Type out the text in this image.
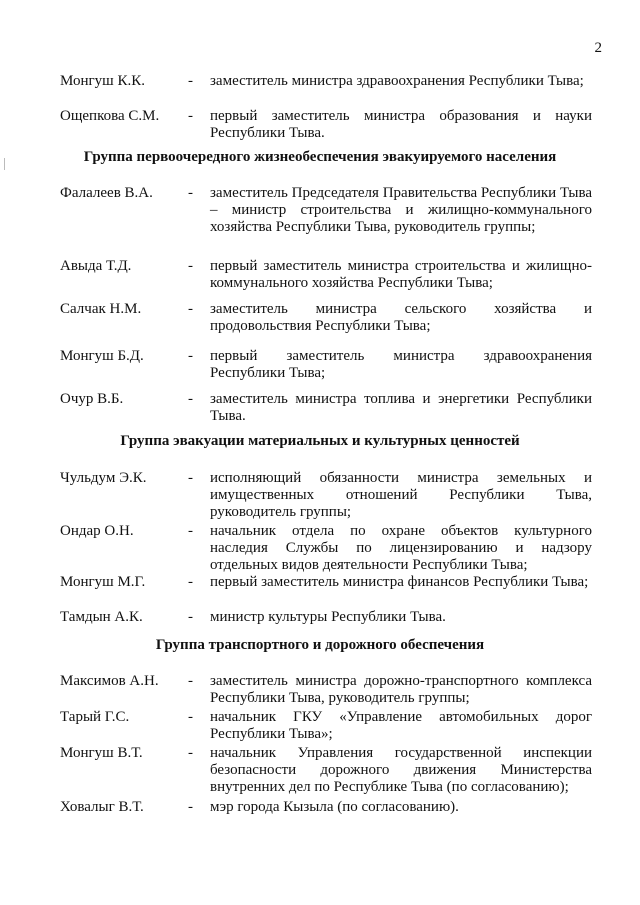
2
Монгуш К.К.	-	заместитель министра здравоохранения Республики Тыва;
Ощепкова С.М.	-	первый заместитель министра образования и науки Республики Тыва.
Группа первоочередного жизнеобеспечения эвакуируемого населения
Фалалеев В.А.	-	заместитель Председателя Правительства Республики Тыва – министр строительства и жилищно-коммунального хозяйства Республики Тыва, руководитель группы;
Авыда Т.Д.	-	первый заместитель министра строительства и жилищно-коммунального хозяйства Республики Тыва;
Салчак Н.М.	-	заместитель министра сельского хозяйства и продовольствия Республики Тыва;
Монгуш Б.Д.	-	первый заместитель министра здравоохранения Республики Тыва;
Очур В.Б.	-	заместитель министра топлива и энергетики Республики Тыва.
Группа эвакуации материальных и культурных ценностей
Чульдум Э.К.	-	исполняющий обязанности министра земельных и имущественных отношений Республики Тыва, руководитель группы;
Ондар О.Н.	-	начальник отдела по охране объектов культурного наследия Службы по лицензированию и надзору отдельных видов деятельности Республики Тыва;
Монгуш М.Г.	-	первый заместитель министра финансов Республики Тыва;
Тамдын А.К.	-	министр культуры Республики Тыва.
Группа транспортного и дорожного обеспечения
Максимов А.Н.	-	заместитель министра дорожно-транспортного комплекса Республики Тыва, руководитель группы;
Тарый Г.С.	-	начальник ГКУ «Управление автомобильных дорог Республики Тыва»;
Монгуш В.Т.	-	начальник Управления государственной инспекции безопасности дорожного движения Министерства внутренних дел по Республике Тыва (по согласованию);
Ховалыг В.Т.	-	мэр города Кызыла (по согласованию).
